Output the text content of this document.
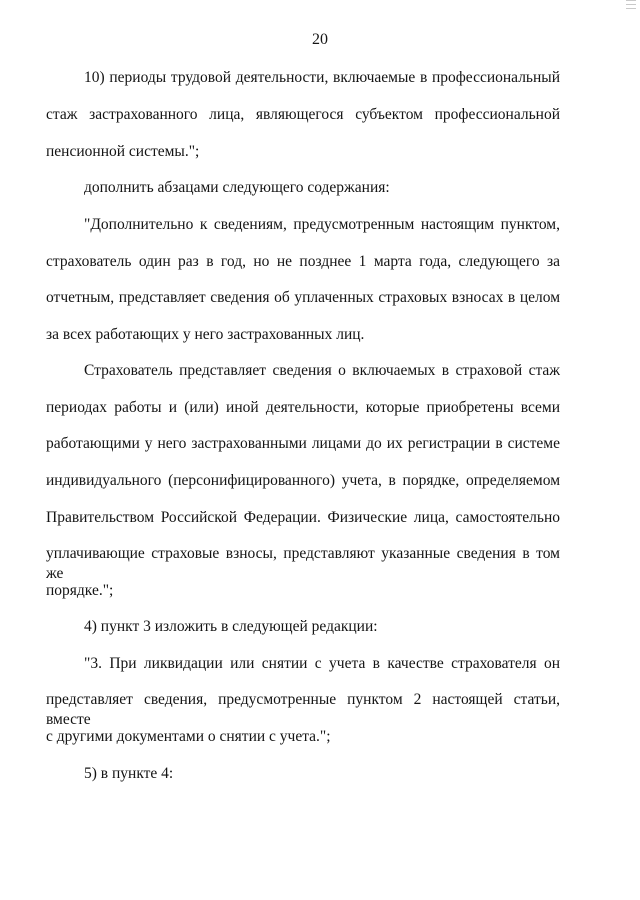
20
10) периоды трудовой деятельности, включаемые в профессиональный
стаж застрахованного лица, являющегося субъектом профессиональной
пенсионной системы.";
дополнить абзацами следующего содержания:
"Дополнительно к сведениям, предусмотренным настоящим пунктом,
страхователь один раз в год, но не позднее 1 марта года, следующего за
отчетным, представляет сведения об уплаченных страховых взносах в целом
за всех работающих у него застрахованных лиц.
Страхователь представляет сведения о включаемых в страховой стаж
периодах работы и (или) иной деятельности, которые приобретены всеми
работающими у него застрахованными лицами до их регистрации в системе
индивидуального (персонифицированного) учета, в порядке, определяемом
Правительством Российской Федерации. Физические лица, самостоятельно
уплачивающие страховые взносы, представляют указанные сведения в том же
порядке.";
4) пункт 3 изложить в следующей редакции:
"3. При ликвидации или снятии с учета в качестве страхователя он
представляет сведения, предусмотренные пунктом 2 настоящей статьи, вместе
с другими документами о снятии с учета.";
5) в пункте 4:
